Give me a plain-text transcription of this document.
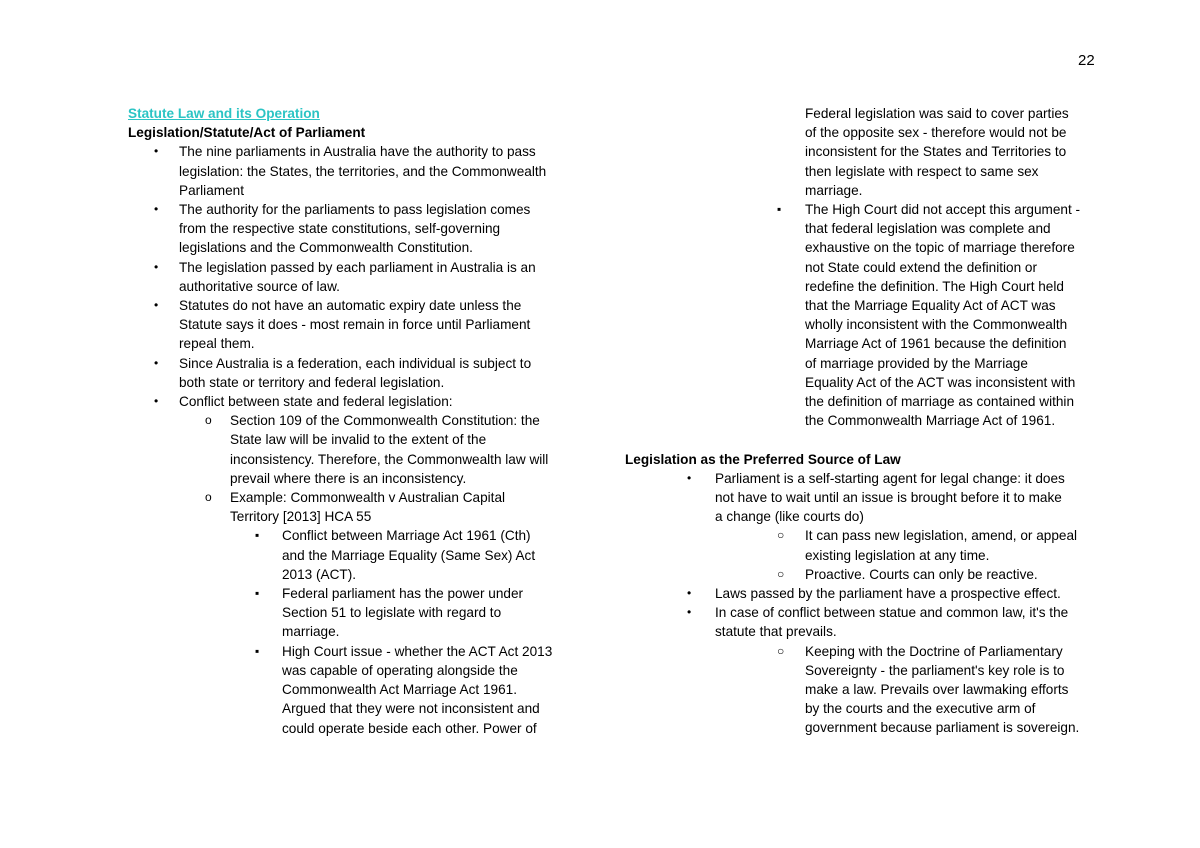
22
Statute Law and its Operation
Legislation/Statute/Act of Parliament
• The nine parliaments in Australia have the authority to pass
legislation: the States, the territories, and the Commonwealth
Parliament
• The authority for the parliaments to pass legislation comes
from the respective state constitutions, self-governing
legislations and the Commonwealth Constitution.
• The legislation passed by each parliament in Australia is an
authoritative source of law.
• Statutes do not have an automatic expiry date unless the
Statute says it does - most remain in force until Parliament
repeal them.
• Since Australia is a federation, each individual is subject to
both state or territory and federal legislation.
• Conflict between state and federal legislation:
o Section 109 of the Commonwealth Constitution: the
State law will be invalid to the extent of the
inconsistency. Therefore, the Commonwealth law will
prevail where there is an inconsistency.
o Example: Commonwealth v Australian Capital
Territory [2013] HCA 55
▪ Conflict between Marriage Act 1961 (Cth)
and the Marriage Equality (Same Sex) Act
2013 (ACT).
▪ Federal parliament has the power under
Section 51 to legislate with regard to
marriage.
▪ High Court issue - whether the ACT Act 2013
was capable of operating alongside the
Commonwealth Act Marriage Act 1961.
Argued that they were not inconsistent and
could operate beside each other. Power of
Federal legislation was said to cover parties
of the opposite sex - therefore would not be
inconsistent for the States and Territories to
then legislate with respect to same sex
marriage.
▪ The High Court did not accept this argument -
that federal legislation was complete and
exhaustive on the topic of marriage therefore
not State could extend the definition or
redefine the definition. The High Court held
that the Marriage Equality Act of ACT was
wholly inconsistent with the Commonwealth
Marriage Act of 1961 because the definition
of marriage provided by the Marriage
Equality Act of the ACT was inconsistent with
the definition of marriage as contained within
the Commonwealth Marriage Act of 1961.
Legislation as the Preferred Source of Law
• Parliament is a self-starting agent for legal change: it does
not have to wait until an issue is brought before it to make
a change (like courts do)
○ It can pass new legislation, amend, or appeal
existing legislation at any time.
○ Proactive. Courts can only be reactive.
• Laws passed by the parliament have a prospective effect.
• In case of conflict between statue and common law, it's the
statute that prevails.
○ Keeping with the Doctrine of Parliamentary
Sovereignty - the parliament's key role is to
make a law. Prevails over lawmaking efforts
by the courts and the executive arm of
government because parliament is sovereign.
